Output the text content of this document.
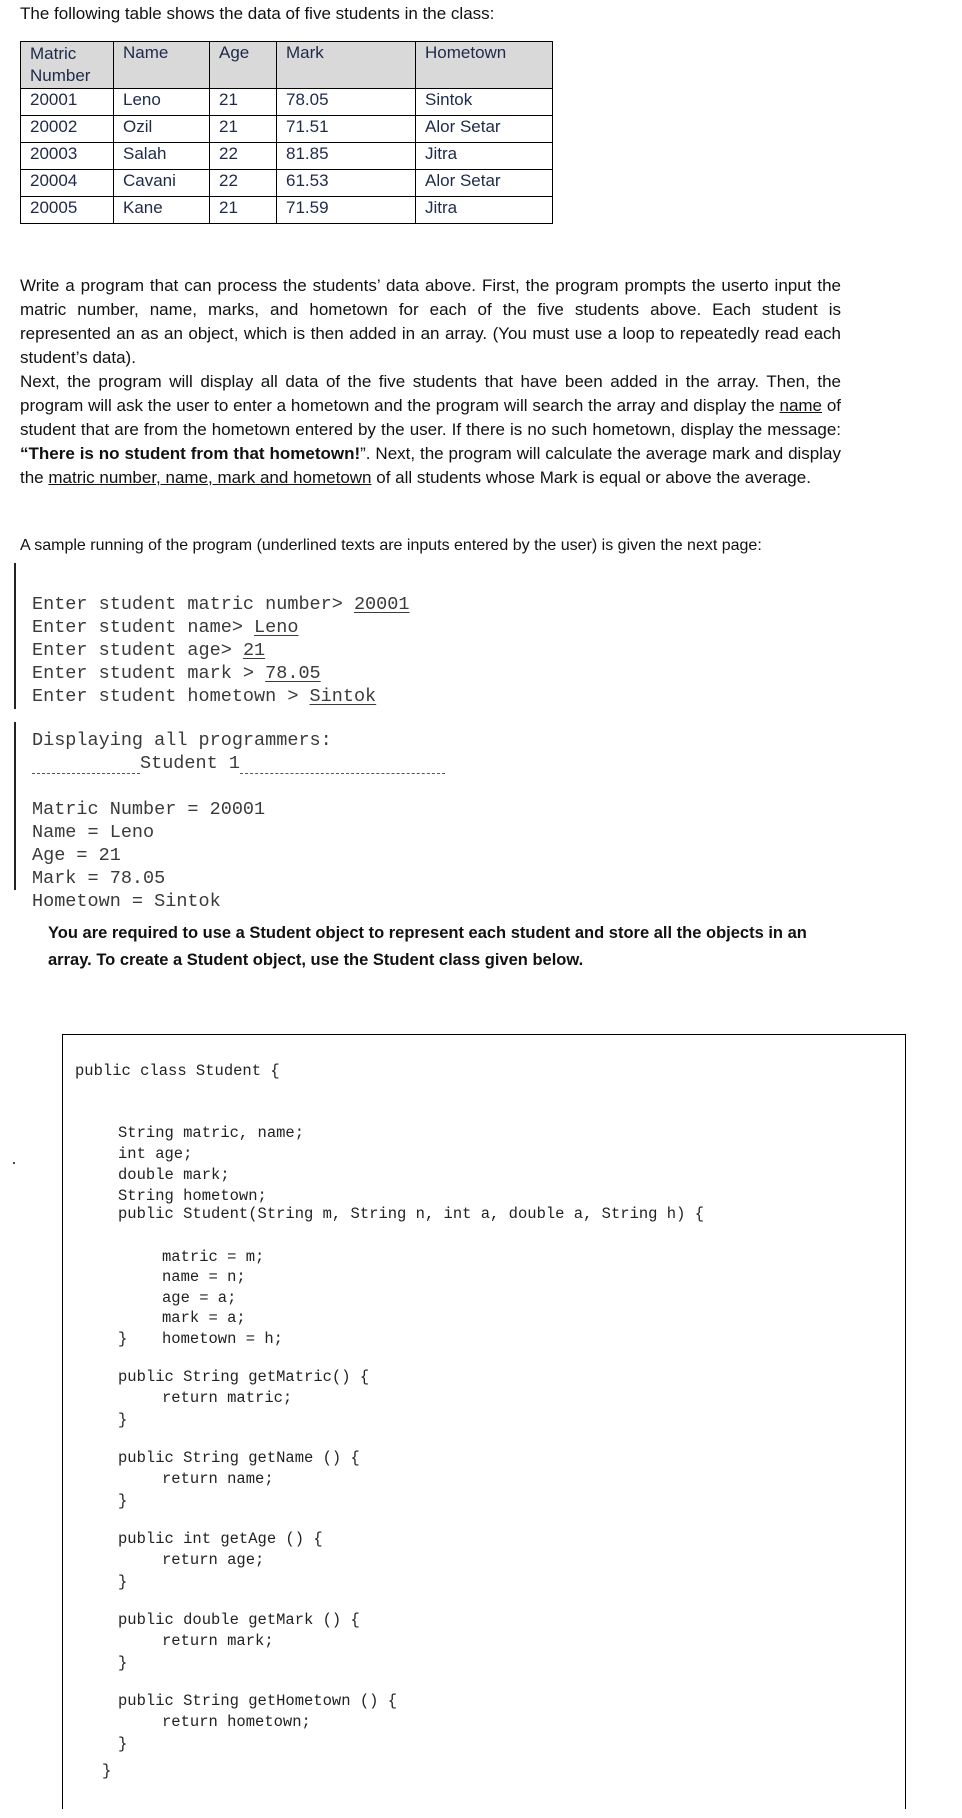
The following table shows the data of five students in the class:
Matric Number	Name	Age	Mark	Hometown
20001	Leno	21	78.05	Sintok
20002	Ozil	21	71.51	Alor Setar
20003	Salah	22	81.85	Jitra
20004	Cavani	22	61.53	Alor Setar
20005	Kane	21	71.59	Jitra

Write a program that can process the students’ data above. First, the program prompts the userto input the matric number, name, marks, and hometown for each of the five students above. Each student is represented an as an object, which is then added in an array. (You must use a loop to repeatedly read each student’s data).

Next, the program will display all data of the five students that have been added in the array. Then, the program will ask the user to enter a hometown and the program will search the array and display the name of student that are from the hometown entered by the user. If there is no such hometown, display the message: “There is no student from that hometown!”. Next, the program will calculate the average mark and display the matric number, name, mark and hometown of all students whose Mark is equal or above the average.

A sample running of the program (underlined texts are inputs entered by the user) is given the next page:

Enter student matric number> 20001
Enter student name> Leno
Enter student age> 21
Enter student mark > 78.05
Enter student hometown > Sintok

Displaying all programmers:
Student 1

Matric Number = 20001
Name = Leno
Age = 21
Mark = 78.05
Hometown = Sintok

You are required to use a Student object to represent each student and store all the objects in an array. To create a Student object, use the Student class given below.
public class Student {

String matric, name;
int age;
double mark;
String hometown;

public Student(String m, String n, int a, double a, String h) {

matric = m;
name = n;
age = a;
mark = a;
hometown = h;

}
public String getMatric() {
return matric;
}
public String getName () {
return name;
}
public int getAge () {
return age;
}
public double getMark () {
return mark;
}
public String getHometown () {
return hometown;
}
}
